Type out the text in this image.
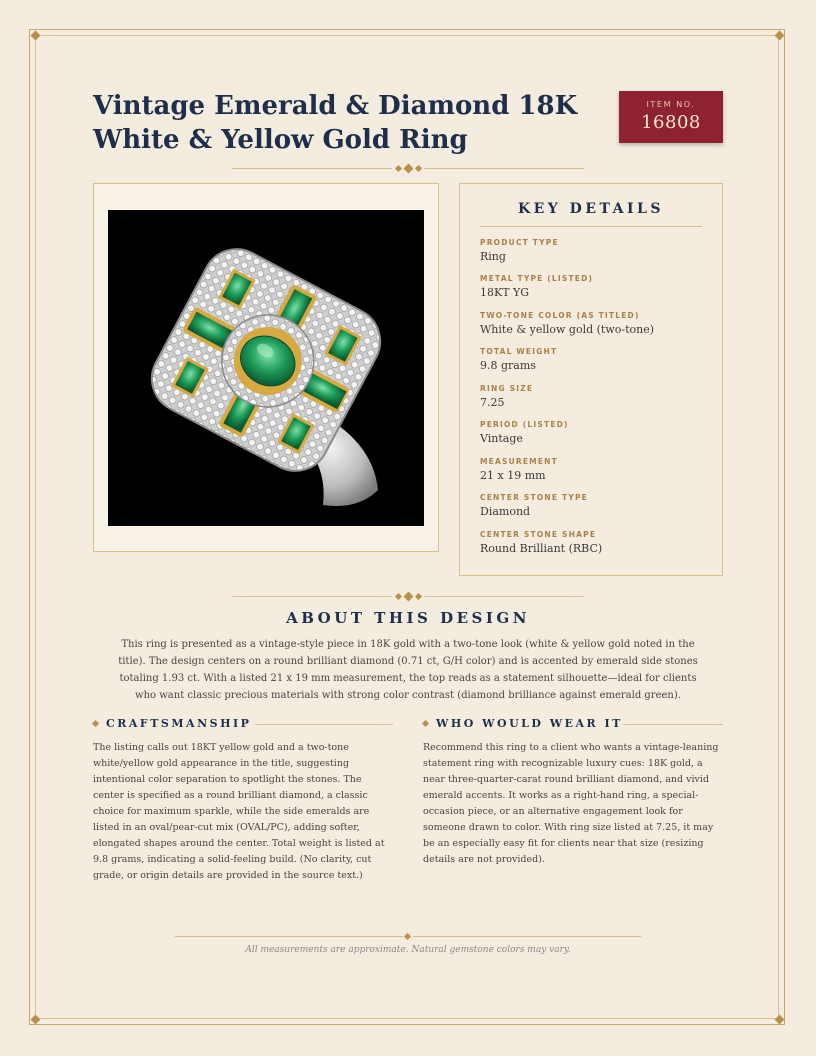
Vintage Emerald & Diamond 18K White & Yellow Gold Ring
ITEM NO.
16808
KEY DETAILS
PRODUCT TYPE
Ring
METAL TYPE (LISTED)
18KT YG
TWO-TONE COLOR (AS TITLED)
White & yellow gold (two-tone)
TOTAL WEIGHT
9.8 grams
RING SIZE
7.25
PERIOD (LISTED)
Vintage
MEASUREMENT
21 x 19 mm
CENTER STONE TYPE
Diamond
CENTER STONE SHAPE
Round Brilliant (RBC)
ABOUT THIS DESIGN

This ring is presented as a vintage-style piece in 18K gold with a two-tone look (white & yellow gold noted in the title). The design centers on a round brilliant diamond (0.71 ct, G/H color) and is accented by emerald side stones totaling 1.93 ct. With a listed 21 x 19 mm measurement, the top reads as a statement silhouette—ideal for clients who want classic precious materials with strong color contrast (diamond brilliance against emerald green).

CRAFTSMANSHIP

The listing calls out 18KT yellow gold and a two-tone white/yellow gold appearance in the title, suggesting intentional color separation to spotlight the stones. The center is specified as a round brilliant diamond, a classic choice for maximum sparkle, while the side emeralds are listed in an oval/pear-cut mix (OVAL/PC), adding softer, elongated shapes around the center. Total weight is listed at 9.8 grams, indicating a solid-feeling build. (No clarity, cut grade, or origin details are provided in the source text.)

WHO WOULD WEAR IT

Recommend this ring to a client who wants a vintage-leaning statement ring with recognizable luxury cues: 18K gold, a near three-quarter-carat round brilliant diamond, and vivid emerald accents. It works as a right-hand ring, a special-occasion piece, or an alternative engagement look for someone drawn to color. With ring size listed at 7.25, it may be an especially easy fit for clients near that size (resizing details are not provided).

All measurements are approximate. Natural gemstone colors may vary.
